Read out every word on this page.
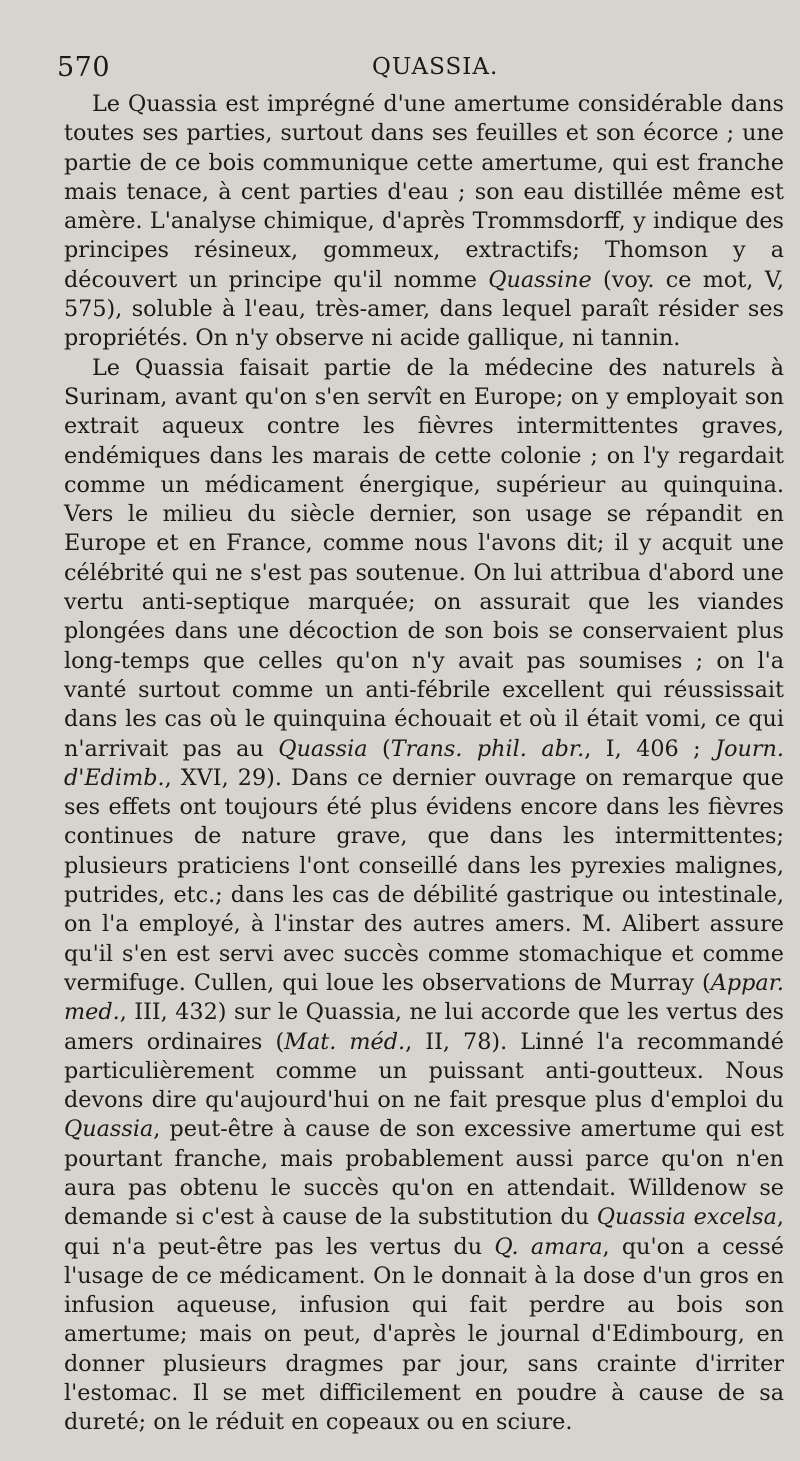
570	QUASSIA.

Le Quassia est imprégné d'une amertume considérable dans toutes ses parties, surtout dans ses feuilles et son écorce ; une partie de ce bois communique cette amertume, qui est franche mais tenace, à cent parties d'eau ; son eau distillée même est amère. L'analyse chimique, d'après Trommsdorff, y indique des principes résineux, gommeux, extractifs; Thomson y a découvert un principe qu'il nomme Quassine (voy. ce mot, V, 575), soluble à l'eau, très-amer, dans lequel paraît résider ses propriétés. On n'y observe ni acide gallique, ni tannin.

Le Quassia faisait partie de la médecine des naturels à Surinam, avant qu'on s'en servît en Europe; on y employait son extrait aqueux contre les fièvres intermittentes graves, endémiques dans les marais de cette colonie ; on l'y regardait comme un médicament énergique, supérieur au quinquina. Vers le milieu du siècle dernier, son usage se répandit en Europe et en France, comme nous l'avons dit; il y acquit une célébrité qui ne s'est pas soutenue. On lui attribua d'abord une vertu anti-septique marquée; on assurait que les viandes plongées dans une décoction de son bois se conservaient plus long-temps que celles qu'on n'y avait pas soumises ; on l'a vanté surtout comme un anti-fébrile excellent qui réussissait dans les cas où le quinquina échouait et où il était vomi, ce qui n'arrivait pas au Quassia (Trans. phil. abr., I, 406 ; Journ. d'Edimb., XVI, 29). Dans ce dernier ouvrage on remarque que ses effets ont toujours été plus évidens encore dans les fièvres continues de nature grave, que dans les intermittentes; plusieurs praticiens l'ont conseillé dans les pyrexies malignes, putrides, etc.; dans les cas de débilité gastrique ou intestinale, on l'a employé, à l'instar des autres amers. M. Alibert assure qu'il s'en est servi avec succès comme stomachique et comme vermifuge. Cullen, qui loue les observations de Murray (Appar. med., III, 432) sur le Quassia, ne lui accorde que les vertus des amers ordinaires (Mat. méd., II, 78). Linné l'a recommandé particulièrement comme un puissant anti-goutteux. Nous devons dire qu'aujourd'hui on ne fait presque plus d'emploi du Quassia, peut-être à cause de son excessive amertume qui est pourtant franche, mais probablement aussi parce qu'on n'en aura pas obtenu le succès qu'on en attendait. Willdenow se demande si c'est à cause de la substitution du Quassia excelsa, qui n'a peut-être pas les vertus du Q. amara, qu'on a cessé l'usage de ce médicament. On le donnait à la dose d'un gros en infusion aqueuse, infusion qui fait perdre au bois son amertume; mais on peut, d'après le journal d'Edimbourg, en donner plusieurs dragmes par jour, sans crainte d'irriter l'estomac. Il se met difficilement en poudre à cause de sa dureté; on le réduit en copeaux ou en sciure.
